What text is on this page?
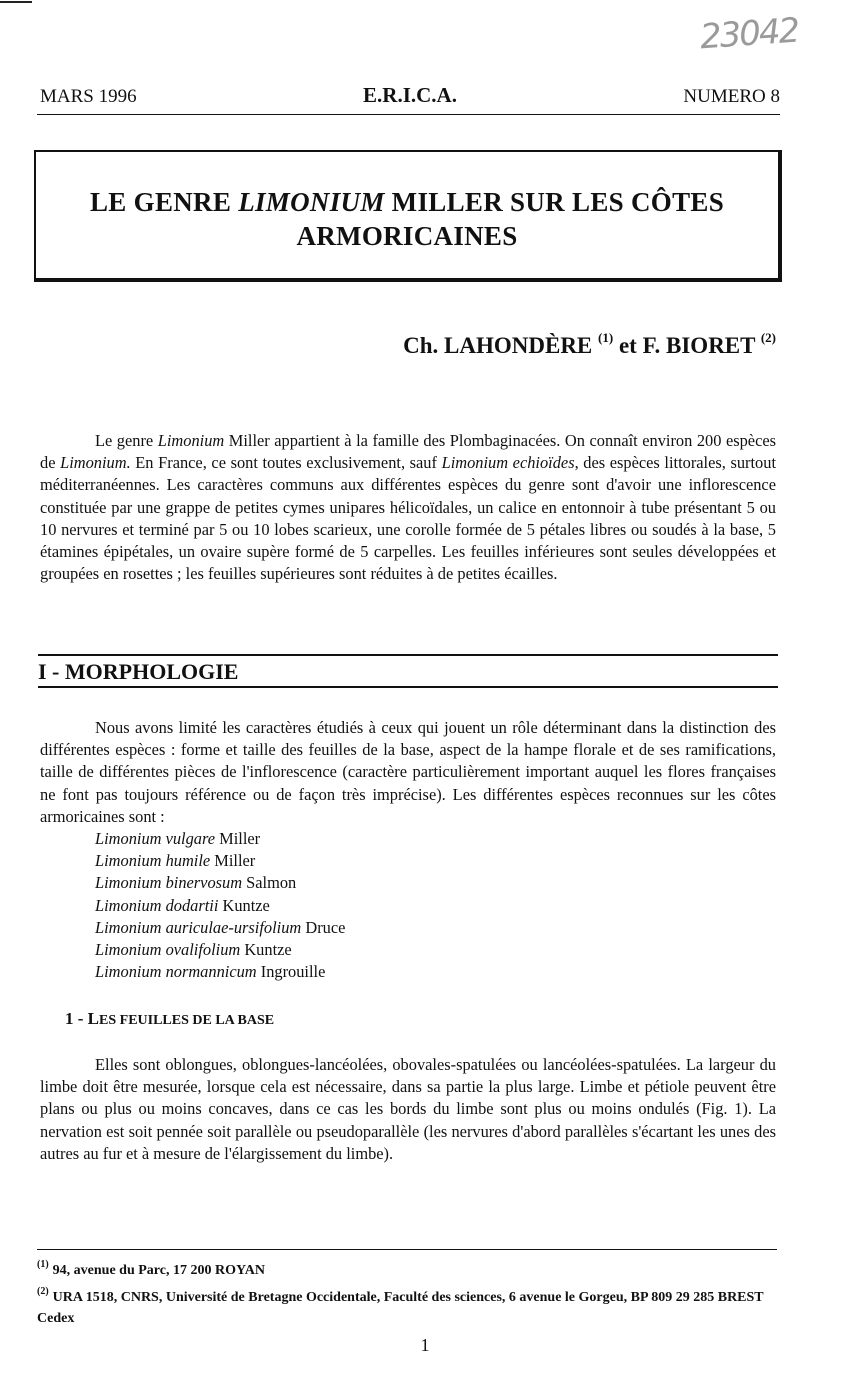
23042
MARS 1996	E.R.I.C.A.	NUMERO 8
LE GENRE LIMONIUM MILLER SUR LES CÔTES
ARMORICAINES
Ch. LAHONDÈRE $^{(1)}$ et F. BIORET $^{(2)}$
Le genre Limonium Miller appartient à la famille des Plombaginacées. On connaît environ 200 espèces de Limonium. En France, ce sont toutes exclusivement, sauf Limonium echioïdes, des espèces littorales, surtout méditerranéennes. Les caractères communs aux différentes espèces du genre sont d'avoir une inflorescence constituée par une grappe de petites cymes unipares hélicoïdales, un calice en entonnoir à tube présentant 5 ou 10 nervures et terminé par 5 ou 10 lobes scarieux, une corolle formée de 5 pétales libres ou soudés à la base, 5 étamines épipétales, un ovaire supère formé de 5 carpelles. Les feuilles inférieures sont seules développées et groupées en rosettes ; les feuilles supérieures sont réduites à de petites écailles.
I - MORPHOLOGIE
Nous avons limité les caractères étudiés à ceux qui jouent un rôle déterminant dans la distinction des différentes espèces : forme et taille des feuilles de la base, aspect de la hampe florale et de ses ramifications, taille de différentes pièces de l'inflorescence (caractère particulièrement important auquel les flores françaises ne font pas toujours référence ou de façon très imprécise). Les différentes espèces reconnues sur les côtes armoricaines sont :
Limonium vulgare Miller
Limonium humile Miller
Limonium binervosum Salmon
Limonium dodartii Kuntze
Limonium auriculae-ursifolium Druce
Limonium ovalifolium Kuntze
Limonium normannicum Ingrouille
1 - LES FEUILLES DE LA BASE
Elles sont oblongues, oblongues-lancéolées, obovales-spatulées ou lancéolées-spatulées. La largeur du limbe doit être mesurée, lorsque cela est nécessaire, dans sa partie la plus large. Limbe et pétiole peuvent être plans ou plus ou moins concaves, dans ce cas les bords du limbe sont plus ou moins ondulés (Fig. 1). La nervation est soit pennée soit parallèle ou pseudoparallèle (les nervures d'abord parallèles s'écartant les unes des autres au fur et à mesure de l'élargissement du limbe).
$^{(1)}$ 94, avenue du Parc, 17 200 ROYAN
$^{(2)}$ URA 1518, CNRS, Université de Bretagne Occidentale, Faculté des sciences, 6 avenue le Gorgeu, BP 809 29 285 BREST Cedex
1
